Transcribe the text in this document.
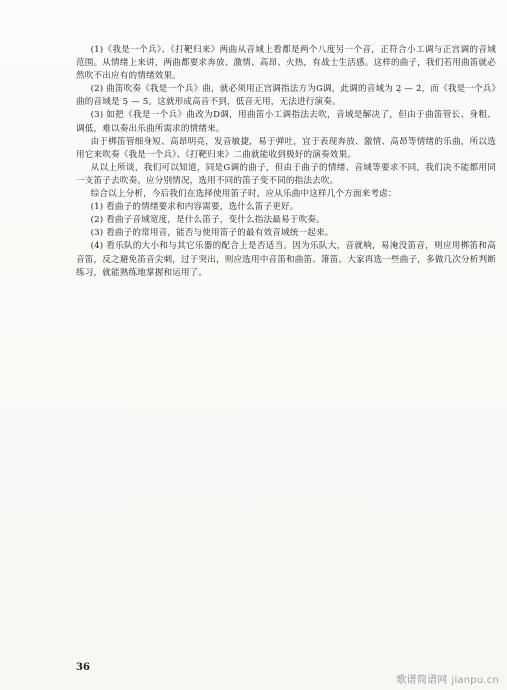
(1)《我是一个兵》、《打靶归来》两曲从音域上看都是两个八度另一个音，正符合小工调与正宫调的音域范围。从情绪上来讲，两曲都要求奔放、激情、高昂、火热，有战士生活感。这样的曲子，我们若用曲笛就必然吹不出应有的情绪效果。

(2) 曲笛吹奏《我是一个兵》曲，就必须用正宫调指法方为G调，此调的音域为 2̣ — 2̇，而《我是一个兵》曲的音域是 5̣ — 5̇。这就形成高音不到，低音无用，无法进行演奏。

(3) 如把《我是一个兵》曲改为D调，用曲笛小工调指法去吹，音域是解决了，但由于曲笛管长、身粗、调低，难以奏出乐曲所需求的情绪来。

由于梆笛管细身短、高昂明亮，发音敏捷，易于弹吐，宜于表现奔放、激情、高昂等情绪的乐曲，所以选用它来吹奏《我是一个兵》、《打靶归来》二曲就能收到极好的演奏效果。

从以上所谈，我们可以知道，同是G调的曲子，但由于曲子的情绪、音域等要求不同，我们决不能都用同一支笛子去吹奏。应分别情况，选用不同的笛子变不同的指法去吹。

综合以上分析，今后我们在选择使用笛子时，应从乐曲中这样几个方面来考虑：

(1) 看曲子的情绪要求和内容需要，选什么笛子更好。

(2) 看曲子音域宽度，是什么笛子，变什么指法最易于吹奏。

(3) 看曲子的常用音，能否与使用笛子的最有效音域统一起来。

(4) 看乐队的大小和与其它乐器的配合上是否适当。因为乐队大，音就响，易淹没笛音，则应用梆笛和高音笛，反之避免笛音尖刺，过于突出，则应选用中音笛和曲笛、箫笛。大家再选一些曲子，多做几次分析判断练习，就能熟练地掌握和运用了。

36
歌谱简谱网 jianpu.cn
